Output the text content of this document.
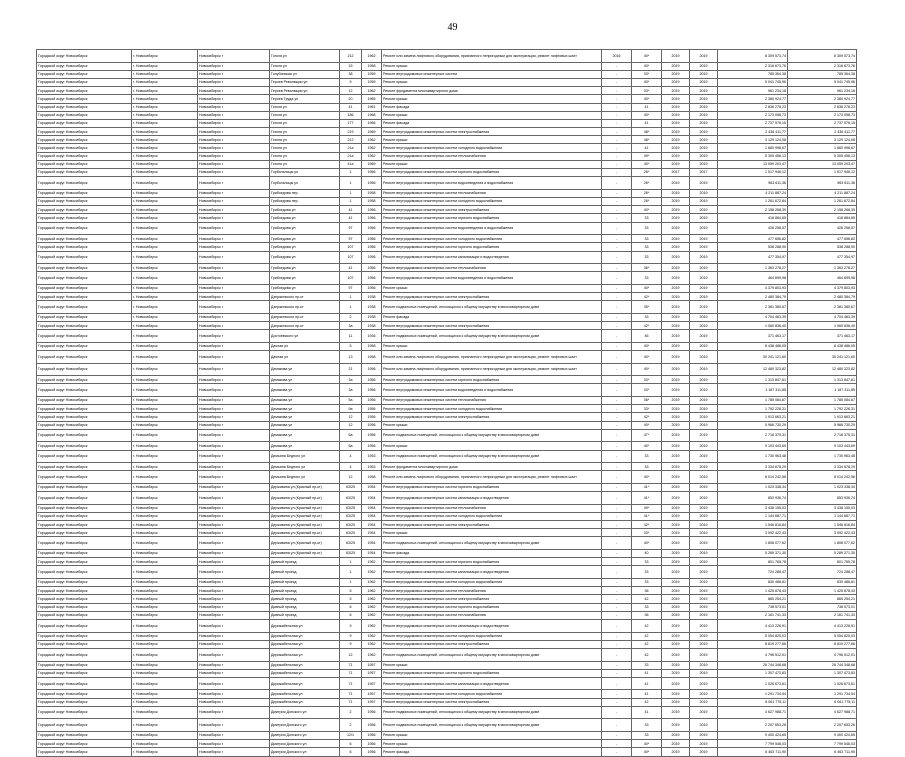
49
Городской округ Новосибирск	г. Новосибирск	Новосибирск г	Гоголя ул	212	1962	Ремонт или замена лифтового оборудования, признанного непригодным для эксплуатации, ремонт лифтовых шахт	2016	40*	2019	2019	8 309 573,74	8 309 573,74
Городской округ Новосибирск	г. Новосибирск	Новосибирск г	Гоголя ул	15	1958	Ремонт крыши	-	40*	2019	2019	2 316 673,76	2 316 673,76
Городской округ Новосибирск	г. Новосибирск	Новосибирск г	Голубинская ул	38	1959	Ремонт внутридомовых инженерных систем	-	33*	2019	2019	785 364,38	785 364,38
Городской округ Новосибирск	г. Новосибирск	Новосибирск г	Героев Революции ул	9	1959	Ремонт крыши	-	40*	2019	2019	5 041 745,96	5 041 745,96
Городской округ Новосибирск	г. Новосибирск	Новосибирск г	Героев Революции ул	12	1962	Ремонт фундамента многоквартирного дома	-	33*	2019	2019	961 234,18	961 234,18
Городской округ Новосибирск	г. Новосибирск	Новосибирск г	Героев Труда ул	20	1965	Ремонт крыши	-	40*	2019	2019	2 380 924,77	2 380 924,77
Городской округ Новосибирск	г. Новосибирск	Новосибирск г	Гоголя ул	41	1961	Ремонт фасада	-	41	2019	2019	2 836 278,23	2 836 278,23
Городской округ Новосибирск	г. Новосибирск	Новосибирск г	Гоголя ул	186	1968	Ремонт крыши	-	40*	2019	2019	2 173 058,73	2 173 058,73
Городской округ Новосибирск	г. Новосибирск	Новосибирск г	Гоголя ул	177	1966	Ремонт фасада	-	41	2019	2019	2 737 576,15	2 737 576,15
Городской округ Новосибирск	г. Новосибирск	Новосибирск г	Гоголя ул	219	1969	Ремонт внутридомовых инженерных систем электроснабжения	-	48*	2019	2019	2 436 411,77	2 436 411,77
Городской округ Новосибирск	г. Новосибирск	Новосибирск г	Гоголя ул	212	1962	Ремонт крыши	-	48*	2019	2019	3 129 124,08	3 129 124,08
Городской округ Новосибирск	г. Новосибирск	Новосибирск г	Гоголя ул	21а	1962	Ремонт внутридомовых инженерных систем холодного водоснабжения	-	41	2019	2019	1 660 998,67	1 660 998,67
Городской округ Новосибирск	г. Новосибирск	Новосибирск г	Гоголя ул	21а	1962	Ремонт внутридомовых инженерных систем теплоснабжения	-	49*	2019	2019	5 305 456,13	5 305 456,13
Городской округ Новосибирск	г. Новосибирск	Новосибирск г	Гоголя ул	41а	1969	Ремонт крыши	-	40*	2019	2019	13 059 203,47	13 059 203,47
Городской округ Новосибирск	г. Новосибирск	Новосибирск г	Горбольницы ул	1	1956	Ремонт внутридомовых инженерных систем горячего водоснабжения	-	26*	2017	2017	1 517 946,12	1 517 946,12
Городской округ Новосибирск	г. Новосибирск	Новосибирск г	Горбольницы ул	1	1956	Ремонт внутридомовых инженерных систем водоотведения и водоснабжения	-	26*	2019	2019	963 611,36	963 611,36
Городской округ Новосибирск	г. Новосибирск	Новосибирск г	Грибоедова пер	1	1958	Ремонт внутридомовых инженерных систем теплоснабжения	-	26*	2019	2019	4 211 887,24	4 211 887,24
Городской округ Новосибирск	г. Новосибирск	Новосибирск г	Грибоедова пер	1	1958	Ремонт внутридомовых инженерных систем холодного водоснабжения	-	26*	2019	2019	1 261 672,84	1 261 672,84
Городской округ Новосибирск	г. Новосибирск	Новосибирск г	Грибоедова ул	41	1956	Ремонт внутридомовых инженерных систем электроснабжения	-	40*	2019	2019	2 158 268,39	2 158 268,39
Городской округ Новосибирск	г. Новосибирск	Новосибирск г	Грибоедова ул	41	1956	Ремонт внутридомовых инженерных систем горячего водоснабжения	-	33	2019	2019	418 884,65	418 884,65
Городской округ Новосибирск	г. Новосибирск	Новосибирск г	Грибоедова ул	97	1956	Ремонт внутридомовых инженерных систем водоотведения и водоснабжения	-	33	2019	2019	426 258,57	426 258,57
Городской округ Новосибирск	г. Новосибирск	Новосибирск г	Грибоедова ул	97	1956	Ремонт внутридомовых инженерных систем холодного водоснабжения	-	33	2019	2019	477 656,82	477 656,82
Городской округ Новосибирск	г. Новосибирск	Новосибирск г	Грибоедова ул	107	1956	Ремонт внутридомовых инженерных систем горячего водоснабжения	-	33	2019	2019	538 288,90	538 288,90
Городской округ Новосибирск	г. Новосибирск	Новосибирск г	Грибоедова ул	107	1956	Ремонт внутридомовых инженерных систем канализации и водоотведения	-	33	2019	2019	477 354,97	477 354,97
Городской округ Новосибирск	г. Новосибирск	Новосибирск г	Грибоедова ул	41	1956	Ремонт внутридомовых инженерных систем теплоснабжения	-	36*	2019	2019	1 363 278,27	1 363 278,27
Городской округ Новосибирск	г. Новосибирск	Новосибирск г	Грибоедова ул	107	1956	Ремонт внутридомовых инженерных систем водоотведения и водоснабжения	-	33	2019	2019	464 699,98	464 699,98
Городской округ Новосибирск	г. Новосибирск	Новосибирск г	Грибоедова ул	97	1956	Ремонт крыши	-	40*	2019	2019	4 379 803,93	4 379 803,93
Городской округ Новосибирск	г. Новосибирск	Новосибирск г	Дзержинского пр-кт	1	1938	Ремонт внутридомовых инженерных систем электроснабжения	-	42*	2019	2019	2 480 384,79	2 480 384,79
Городской округ Новосибирск	г. Новосибирск	Новосибирск г	Дзержинского пр-кт	1	1938	Ремонт подвальных помещений, относящихся к общему имуществу в многоквартирном доме	-	35*	2019	2019	2 381 380,67	2 381 380,67
Городской округ Новосибирск	г. Новосибирск	Новосибирск г	Дзержинского пр-кт	2	1938	Ремонт фасада	-	33	2019	2019	4 704 463,39	4 704 463,39
Городской округ Новосибирск	г. Новосибирск	Новосибирск г	Дзержинского пр-кт	3а	1938	Ремонт внутридомовых инженерных систем электроснабжения	-	42*	2019	2019	1 060 836,40	1 060 836,40
Городской округ Новосибирск	г. Новосибирск	Новосибирск г	Достоевского ул	11	1936	Ремонт подвальных помещений, относящихся к общему имуществу в многоквартирном доме	-	46	2019	2019	371 463,17	371 463,17
Городской округ Новосибирск	г. Новосибирск	Новосибирск г	Дачная ул	5	1958	Ремонт крыши	-	40*	2019	2019	8 438 486,05	8 438 486,05
Городской округ Новосибирск	г. Новосибирск	Новосибирск г	Дачная ул	13	1958	Ремонт или замена лифтового оборудования, признанного непригодным для эксплуатации, ремонт лифтовых шахт	-	40*	2019	2019	30 241 121,60	30 241 121,60
Городской округ Новосибирск	г. Новосибирск	Новосибирск г	Демакова ул	21	1956	Ремонт или замена лифтового оборудования, признанного непригодным для эксплуатации, ремонт лифтовых шахт	-	40*	2019	2019	12 480 323,82	12 480 323,82
Городской округ Новосибирск	г. Новосибирск	Новосибирск г	Демакова ул	3а	1956	Ремонт внутридомовых инженерных систем горячего водоснабжения	-	33*	2019	2019	1 313 847,61	1 313 847,61
Городской округ Новосибирск	г. Новосибирск	Новосибирск г	Демакова ул	3а	1956	Ремонт внутридомовых инженерных систем водоотведения и водоснабжения	-	33*	2019	2019	1 187 311,85	1 187 311,85
Городской округ Новосибирск	г. Новосибирск	Новосибирск г	Демакова ул	5а	1956	Ремонт внутридомовых инженерных систем теплоснабжения	-	36*	2019	2019	1 785 084,67	1 785 084,67
Городской округ Новосибирск	г. Новосибирск	Новосибирск г	Демакова ул	9а	1956	Ремонт внутридомовых инженерных систем холодного водоснабжения	-	33*	2019	2019	1 792 226,31	1 792 226,31
Городской округ Новосибирск	г. Новосибирск	Новосибирск г	Демакова ул	12	1956	Ремонт внутридомовых инженерных систем электроснабжения	-	42*	2019	2019	1 913 663,21	1 913 663,21
Городской округ Новосибирск	г. Новосибирск	Новосибирск г	Демакова ул	12	1956	Ремонт крыши	-	40*	2019	2019	5 966 730,29	5 966 730,29
Городской округ Новосибирск	г. Новосибирск	Новосибирск г	Демакова ул	6а	1956	Ремонт подвальных помещений, относящихся к общему имуществу в многоквартирном доме	-	47*	2019	2019	2 716 375,31	2 716 375,31
Городской округ Новосибирск	г. Новосибирск	Новосибирск г	Демакова ул	6а	1956	Ремонт крыши	-	40*	2019	2019	9 103 443,69	9 103 443,69
Городской округ Новосибирск	г. Новосибирск	Новосибирск г	Демьяна Бедного ул	4	1953	Ремонт подвальных помещений, относящихся к общему имуществу в многоквартирном доме	-	33	2019	2019	1 730 963,48	1 730 963,48
Городской округ Новосибирск	г. Новосибирск	Новосибирск г	Демьяна Бедного ул	4	1953	Ремонт фундамента многоквартирного дома	-	33	2019	2019	3 334 678,29	3 334 678,29
Городской округ Новосибирск	г. Новосибирск	Новосибирск г	Демьяна Бедного ул	12	1958	Ремонт или замена лифтового оборудования, признанного непригодным для эксплуатации, ремонт лифтовых шахт	-	40*	2019	2019	8 014 242,56	8 014 242,56
Городской округ Новосибирск	г. Новосибирск	Новосибирск г	Державина ул (Красный пр-кт)	63/25	1954	Ремонт внутридомовых инженерных систем горячего водоснабжения	-	41*	2019	2019	1 023 338,34	1 023 338,34
Городской округ Новосибирск	г. Новосибирск	Новосибирск г	Державина ул (Красный пр-кт)	63/25	1954	Ремонт внутридомовых инженерных систем канализации и водоотведения	-	41*	2019	2019	853 936,74	853 936,74
Городской округ Новосибирск	г. Новосибирск	Новосибирск г	Державина ул (Красный пр-кт)	63/25	1954	Ремонт внутридомовых инженерных систем теплоснабжения	-	49*	2019	2019	3 438 155,03	3 438 155,03
Городской округ Новосибирск	г. Новосибирск	Новосибирск г	Державина ул (Красный пр-кт)	63/25	1954	Ремонт внутридомовых инженерных систем холодного водоснабжения	-	41*	2019	2019	1 144 687,71	1 144 687,71
Городской округ Новосибирск	г. Новосибирск	Новосибирск г	Державина ул (Красный пр-кт)	63/25	1954	Ремонт внутридомовых инженерных систем электроснабжения	-	42*	2019	2019	1 546 816,84	1 546 816,84
Городской округ Новосибирск	г. Новосибирск	Новосибирск г	Державина ул (Красный пр-кт)	63/25	1954	Ремонт крыши	-	33*	2019	2019	3 092 422,43	3 092 422,43
Городской округ Новосибирск	г. Новосибирск	Новосибирск г	Державина ул (Красный пр-кт)	63/25	1954	Ремонт подвальных помещений, относящихся к общему имуществу в многоквартирном доме	-	40*	2019	2019	1 808 077,62	1 808 077,62
Городской округ Новосибирск	г. Новосибирск	Новосибирск г	Державина ул (Красный пр-кт)	63/25	1954	Ремонт фасада	-	40	2019	2019	5 289 371,30	5 289 371,30
Городской округ Новосибирск	г. Новосибирск	Новосибирск г	Дивный проезд	1	1962	Ремонт внутридомовых инженерных систем горячего водоснабжения	-	33	2019	2019	801 765,78	801 765,78
Городской округ Новосибирск	г. Новосибирск	Новосибирск г	Дивный проезд	1	1962	Ремонт внутридомовых инженерных систем канализации и водоотведения	-	33	2019	2019	724 288,47	724 288,47
Городской округ Новосибирск	г. Новосибирск	Новосибирск г	Дивный проезд	1	1962	Ремонт внутридомовых инженерных систем холодного водоснабжения	-	33	2019	2019	830 486,81	830 486,81
Городской округ Новосибирск	г. Новосибирск	Новосибирск г	Дивный проезд	5	1962	Ремонт внутридомовых инженерных систем теплоснабжения	-	36	2019	2019	1 425 878,43	1 425 878,43
Городской округ Новосибирск	г. Новосибирск	Новосибирск г	Дивный проезд	5	1962	Ремонт внутридомовых инженерных систем электроснабжения	-	42	2019	2019	865 254,21	865 254,21
Городской округ Новосибирск	г. Новосибирск	Новосибирск г	Дивный проезд	6	1962	Ремонт внутридомовых инженерных систем горячего водоснабжения	-	33	2019	2019	738 573,01	738 573,01
Городской округ Новосибирск	г. Новосибирск	Новосибирск г	Дивный проезд	6	1962	Ремонт внутридомовых инженерных систем теплоснабжения	-	36	2019	2019	2 161 741,33	2 161 741,33
Городской округ Новосибирск	г. Новосибирск	Новосибирск г	Дирижабельная ул	9	1962	Ремонт внутридомовых инженерных систем канализации и водоотведения	-	42	2019	2019	4 413 226,91	4 413 226,91
Городской округ Новосибирск	г. Новосибирск	Новосибирск г	Дирижабельная ул	9	1962	Ремонт внутридомовых инженерных систем холодного водоснабжения	-	42	2019	2019	5 054 825,03	5 054 825,03
Городской округ Новосибирск	г. Новосибирск	Новосибирск г	Дирижабельная ул	9	1962	Ремонт внутридомовых инженерных систем электроснабжения	-	42	2019	2019	8 819 277,66	8 819 277,66
Городской округ Новосибирск	г. Новосибирск	Новосибирск г	Дирижабельная ул	12	1962	Ремонт подвальных помещений, относящихся к общему имуществу в многоквартирном доме	-	42	2019	2019	4 796 512,01	4 796 512,01
Городской округ Новосибирск	г. Новосибирск	Новосибирск г	Дирижабельная ул	71	1957	Ремонт крыши	-	33	2019	2019	26 744 348,68	26 744 348,68
Городской округ Новосибирск	г. Новосибирск	Новосибирск г	Дирижабельная ул	71	1957	Ремонт внутридомовых инженерных систем горячего водоснабжения	-	41	2019	2019	1 307 473,83	1 307 473,83
Городской округ Новосибирск	г. Новосибирск	Новосибирск г	Дирижабельная ул	71	1957	Ремонт внутридомовых инженерных систем канализации и водоотведения	-	41	2019	2019	1 026 673,61	1 026 673,61
Городской округ Новосибирск	г. Новосибирск	Новосибирск г	Дирижабельная ул	71	1957	Ремонт внутридомовых инженерных систем холодного водоснабжения	-	41	2019	2019	1 291 734,54	1 291 734,54
Городской округ Новосибирск	г. Новосибирск	Новосибирск г	Дирижабельная ул	71	1957	Ремонт внутридомовых инженерных систем электроснабжения	-	42	2019	2019	6 061 775,11	6 061 775,11
Городской округ Новосибирск	г. Новосибирск	Новосибирск г	Дмитрия Донского ул	2	1956	Ремонт подвальных помещений, относящихся к общему имуществу в многоквартирном доме	-	41	2019	2019	4 627 988,71	4 627 988,71
Городской округ Новосибирск	г. Новосибирск	Новосибирск г	Дмитрия Донского ул	2	1956	Ремонт подвальных помещений, относящихся к общему имуществу в многоквартирном доме	-	33	2019	2019	2 207 653,26	2 207 653,26
Городской округ Новосибирск	г. Новосибирск	Новосибирск г	Дмитрия Донского ул	12/1	1956	Ремонт крыши	-	33	2019	2019	9 400 424,65	9 400 424,65
Городской округ Новосибирск	г. Новосибирск	Новосибирск г	Дмитрия Донского ул	6	1956	Ремонт крыши	-	40*	2019	2019	7 799 546,03	7 799 546,03
Городской округ Новосибирск	г. Новосибирск	Новосибирск г	Дмитрия Донского ул	6	1956	Ремонт фасада	-	40*	2019	2019	6 463 711,90	6 463 711,90
